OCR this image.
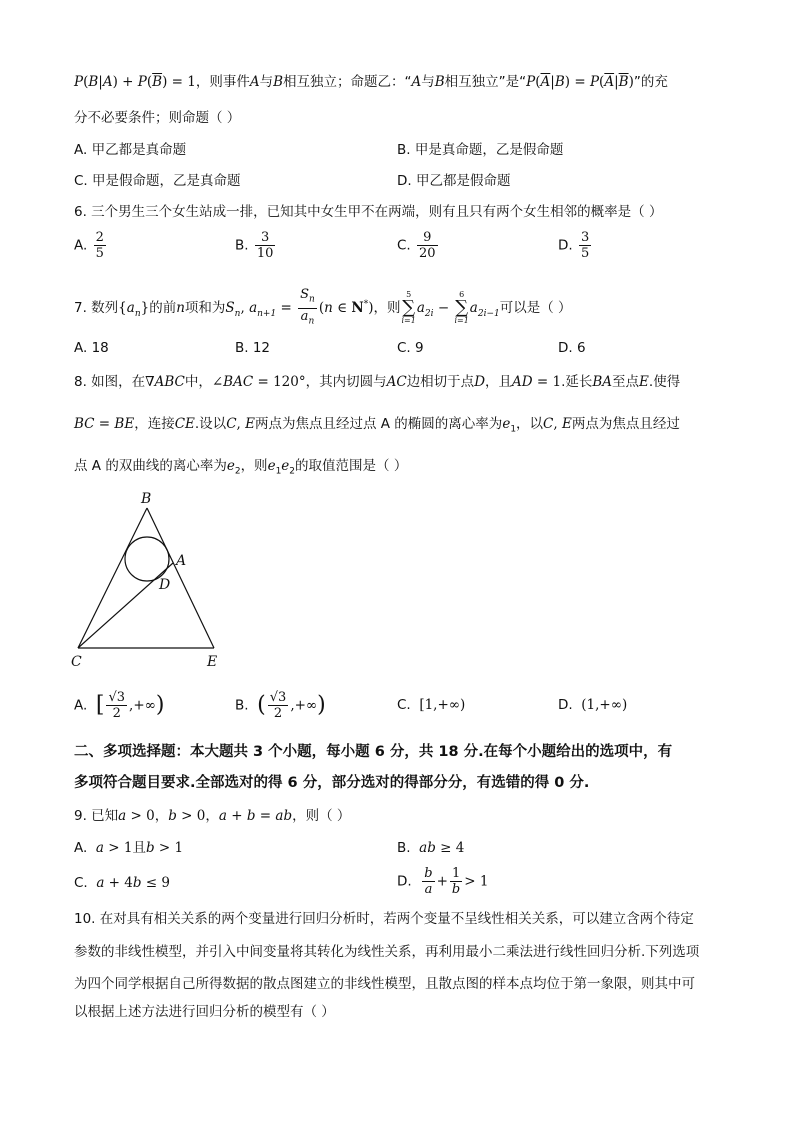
$P(B|A) + P(\overline{B}) = 1$，则事件A与B相互独立；命题乙：“A与B相互独立”是“$P(\overline{A}|B) = P(\overline{A}|\overline{B})$”的充
分不必要条件；则命题（ ）
A. 甲乙都是真命题	B. 甲是真命题，乙是假命题
C. 甲是假命题，乙是真命题	D. 甲乙都是假命题
6. 三个男生三个女生站成一排，已知其中女生甲不在两端，则有且只有两个女生相邻的概率是（ ）
A. $\frac{2}{5}$	B. $\frac{3}{10}$	C. $\frac{9}{20}$	D. $\frac{3}{5}$
7. 数列$\{a_n\}$的前n项和为$S_n$, $a_{n+1} = \frac{S_n}{a_n} (n$ ∈ N*)，则
5
∑
i=1
$a_{2i}$ −
6
∑
i=1
$a_{2i-1}$可以是（ ）
A. 18	B. 12	C. 9	D. 6
8. 如图，在∇ABC中，∠BAC = 120°，其内切圆与AC边相切于点D，且AD = 1.延长BA至点E.使得
BC = BE，连接CE.设以C, E两点为焦点且经过点 A 的椭圆的离心率为$e_1$，以C, E两点为焦点且经过
点 A 的双曲线的离心率为$e_2$，则$e_1e_2$的取值范围是（ ）
B
A
D
C	E
A. [ $\frac{√3}{2}$ ,+∞)	B. ( $\frac{√3}{2}$ ,+∞)	C. [1,+∞)	D. (1,+∞)
二、多项选择题：本大题共 3 个小题，每小题 6 分，共 18 分.在每个小题给出的选项中，有
多项符合题目要求.全部选对的得 6 分，部分选对的得部分分，有选错的得 0 分.
9. 已知a > 0，b > 0，a + b = ab，则（ ）
A. a > 1且b > 1	B. ab ≥ 4
C. a + 4b ≤ 9	D. $\frac{b}{a} + \frac{1}{b} > 1$
10. 在对具有相关关系的两个变量进行回归分析时，若两个变量不呈线性相关关系，可以建立含两个待定
参数的非线性模型，并引入中间变量将其转化为线性关系，再利用最小二乘法进行线性回归分析.下列选项
为四个同学根据自己所得数据的散点图建立的非线性模型，且散点图的样本点均位于第一象限，则其中可
以根据上述方法进行回归分析的模型有（ ）
